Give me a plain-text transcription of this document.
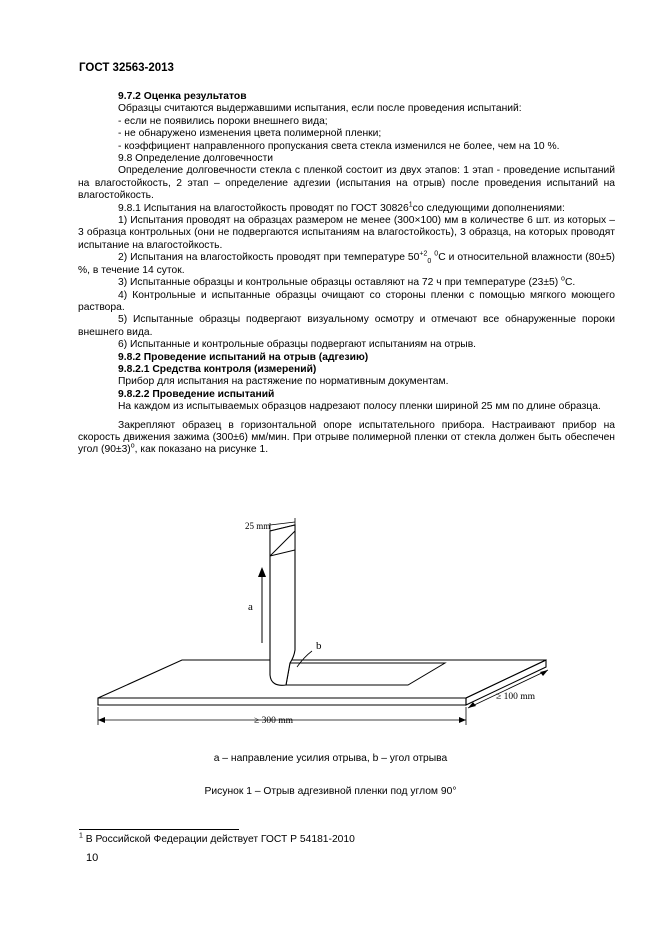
ГОСТ 32563-2013

9.7.2 Оценка результатов

Образцы считаются выдержавшими испытания, если после проведения испытаний:

- если не появились пороки внешнего вида;

- не обнаружено изменения цвета полимерной пленки;

- коэффициент направленного пропускания света стекла изменился не более, чем на 10 %.

9.8 Определение долговечности

Определение долговечности стекла с пленкой состоит из двух этапов: 1 этап - проведение испытаний на влагостойкость, 2 этап – определение адгезии (испытания на отрыв) после проведения испытаний на влагостойкость.

9.8.1 Испытания на влагостойкость проводят по ГОСТ 30826$^1$со следующими дополнениями:

1) Испытания проводят на образцах размером не менее (300×100) мм в количестве 6 шт. из которых – 3 образца контрольных (они не подвергаются испытаниям на влагостойкость), 3 образца, на которых проводят испытание на влагостойкость.

2) Испытания на влагостойкость проводят при температуре $50^{+2}_0$ $^0$С и относительной влажности (80±5) %, в течение 14 суток.

3) Испытанные образцы и контрольные образцы оставляют на 72 ч при температуре (23±5) $^о$С.

4) Контрольные и испытанные образцы очищают со стороны пленки с помощью мягкого моющего раствора.

5) Испытанные образцы подвергают визуальному осмотру и отмечают все обнаруженные пороки внешнего вида.

6) Испытанные и контрольные образцы подвергают испытаниям на отрыв.

9.8.2 Проведение испытаний на отрыв (адгезию)

9.8.2.1 Средства контроля (измерений)

Прибор для испытания на растяжение по нормативным документам.

9.8.2.2 Проведение испытаний

На каждом из испытываемых образцов надрезают полосу пленки шириной 25 мм по длине образца.

Закрепляют образец в горизонтальной опоре испытательного прибора. Настраивают прибор на скорость движения зажима (300±6) мм/мин. При отрыве полимерной пленки от стекла должен быть обеспечен угол $(90\pm 3)^о$, как показано на рисунке 1.

25 mm
a
b
≥ 300 mm
≥ 100 mm
a – направление усилия отрыва, b – угол отрыва
Рисунок 1 – Отрыв адгезивной пленки под углом 90°
$^1$ В Российской Федерации действует ГОСТ Р 54181-2010
10
